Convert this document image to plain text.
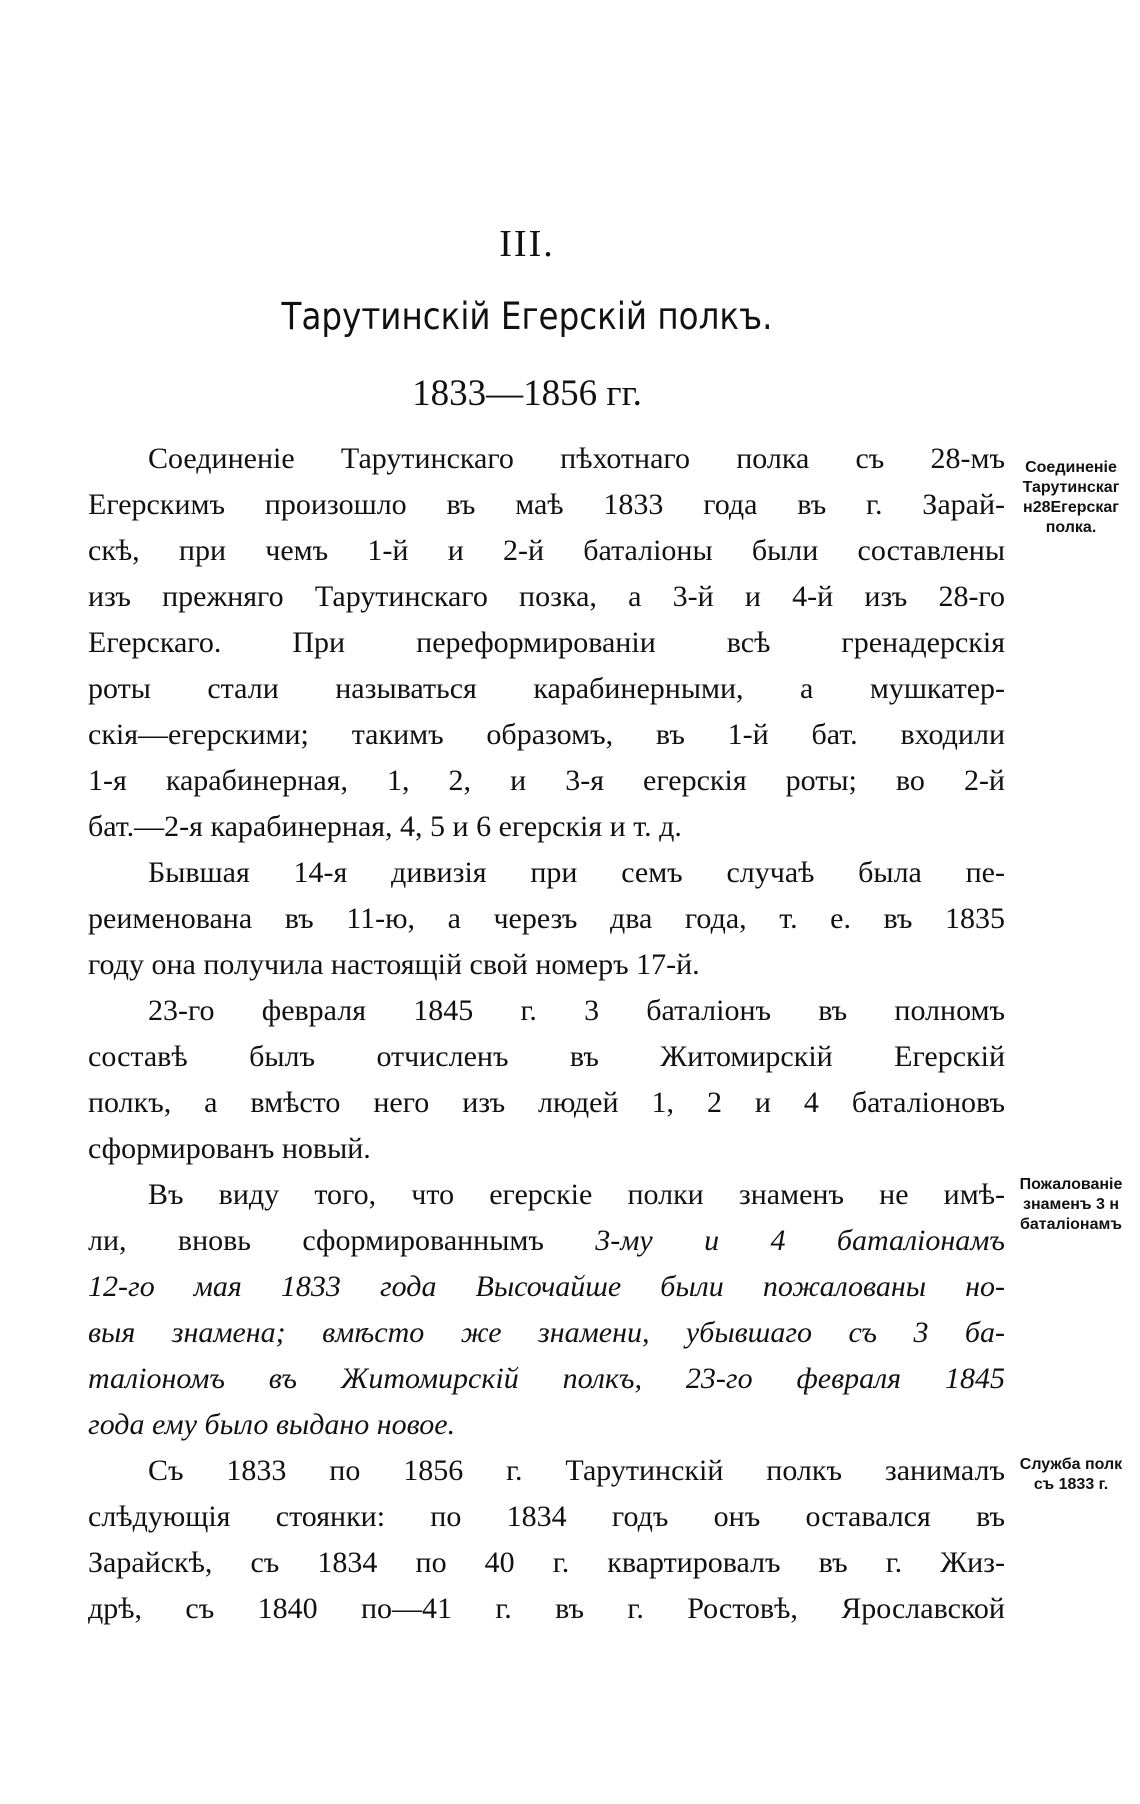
III.
Тарутинскій Егерскій полкъ.
1833—1856 гг.
Соединеніе Тарутинскаго пѣхотнаго полка съ 28-мъ
Егерскимъ произошло въ маѣ 1833 года въ г. Зарай-
скѣ, при чемъ 1-й и 2-й баталіоны были составлены
изъ прежняго Тарутинскаго позка, а 3-й и 4-й изъ 28-го
Егерскаго. При переформированіи всѣ гренадерскія
роты стали называться карабинерными, а мушкатер-
скія—егерскими; такимъ образомъ, въ 1-й бат. входили
1-я карабинерная, 1, 2, и 3-я егерскія роты; во 2-й
бат.—2-я карабинерная, 4, 5 и 6 егерскія и т. д.
Бывшая 14-я дивизія при семъ случаѣ была пе-
реименована въ 11-ю, а черезъ два года, т. е. въ 1835
году она получила настоящій свой номеръ 17-й.
23-го февраля 1845 г. 3 баталіонъ въ полномъ
составѣ былъ отчисленъ въ Житомирскій Егерскій
полкъ, а вмѣсто него изъ людей 1, 2 и 4 баталіоновъ
сформированъ новый.
Въ виду того, что егерскіе полки знаменъ не имѣ-
ли, вновь сформированнымъ 3-му и 4 баталіонамъ
12-го мая 1833 года Высочайше были пожалованы но-
выя знамена; вмѣсто же знамени, убывшаго съ 3 ба-
таліономъ въ Житомирскій полкъ, 23-го февраля 1845
года ему было выдано новое.
Съ 1833 по 1856 г. Тарутинскій полкъ занималъ
слѣдующія стоянки: по 1834 годъ онъ оставался въ
Зарайскѣ, съ 1834 по 40 г. квартировалъ въ г. Жиз-
дрѣ, съ 1840 по—41 г. въ г. Ростовѣ, Ярославской
Соединеніе
Тарутинскаг
н28Егерскаг
полка.
Пожалованіе
знаменъ 3 н
баталіонамъ
Служба полк
съ 1833 г.
